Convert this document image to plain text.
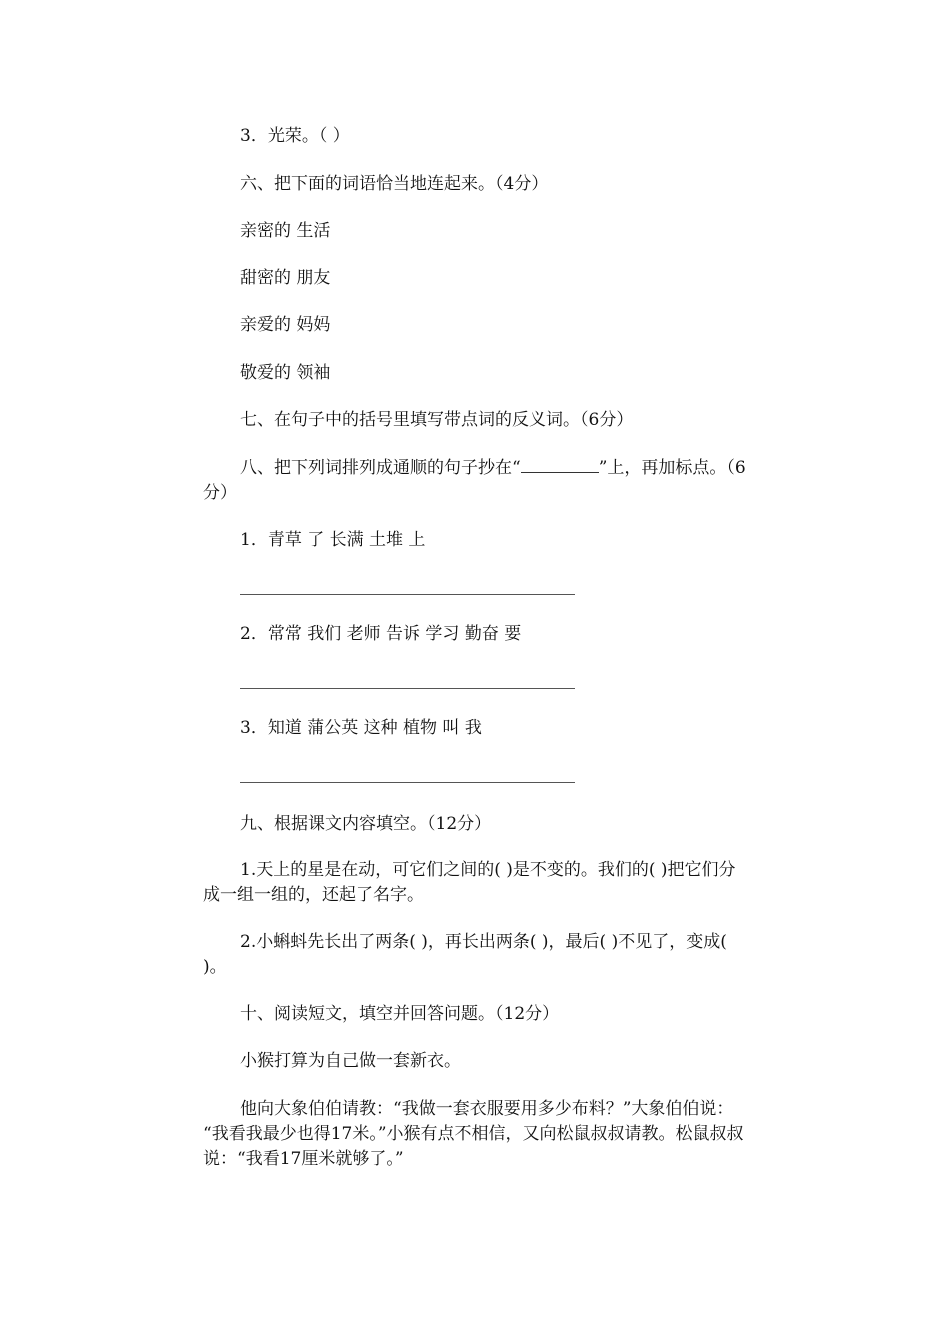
3．光荣。（ ）
六、把下面的词语恰当地连起来。（4分）
亲密的 生活
甜密的 朋友
亲爱的 妈妈
敬爱的 领袖
七、在句子中的括号里填写带点词的反义词。（6分）
八、把下列词排列成通顺的句子抄在“	”上，再加标点。（6
分）
1．青草 了 长满 土堆 上
2．常常 我们 老师 告诉 学习 勤奋 要
3．知道 蒲公英 这种 植物 叫 我
九、根据课文内容填空。（12分）
1.天上的星是在动，可它们之间的( )是不变的。我们的( )把它们分
成一组一组的，还起了名字。
2.小蝌蚪先长出了两条( )，再长出两条( )，最后( )不见了，变成(
)。
十、阅读短文，填空并回答问题。（12分）
小猴打算为自己做一套新衣。
他向大象伯伯请教：“我做一套衣服要用多少布料？”大象伯伯说：
“我看我最少也得17米。”小猴有点不相信，又向松鼠叔叔请教。松鼠叔叔
说：“我看17厘米就够了。”
